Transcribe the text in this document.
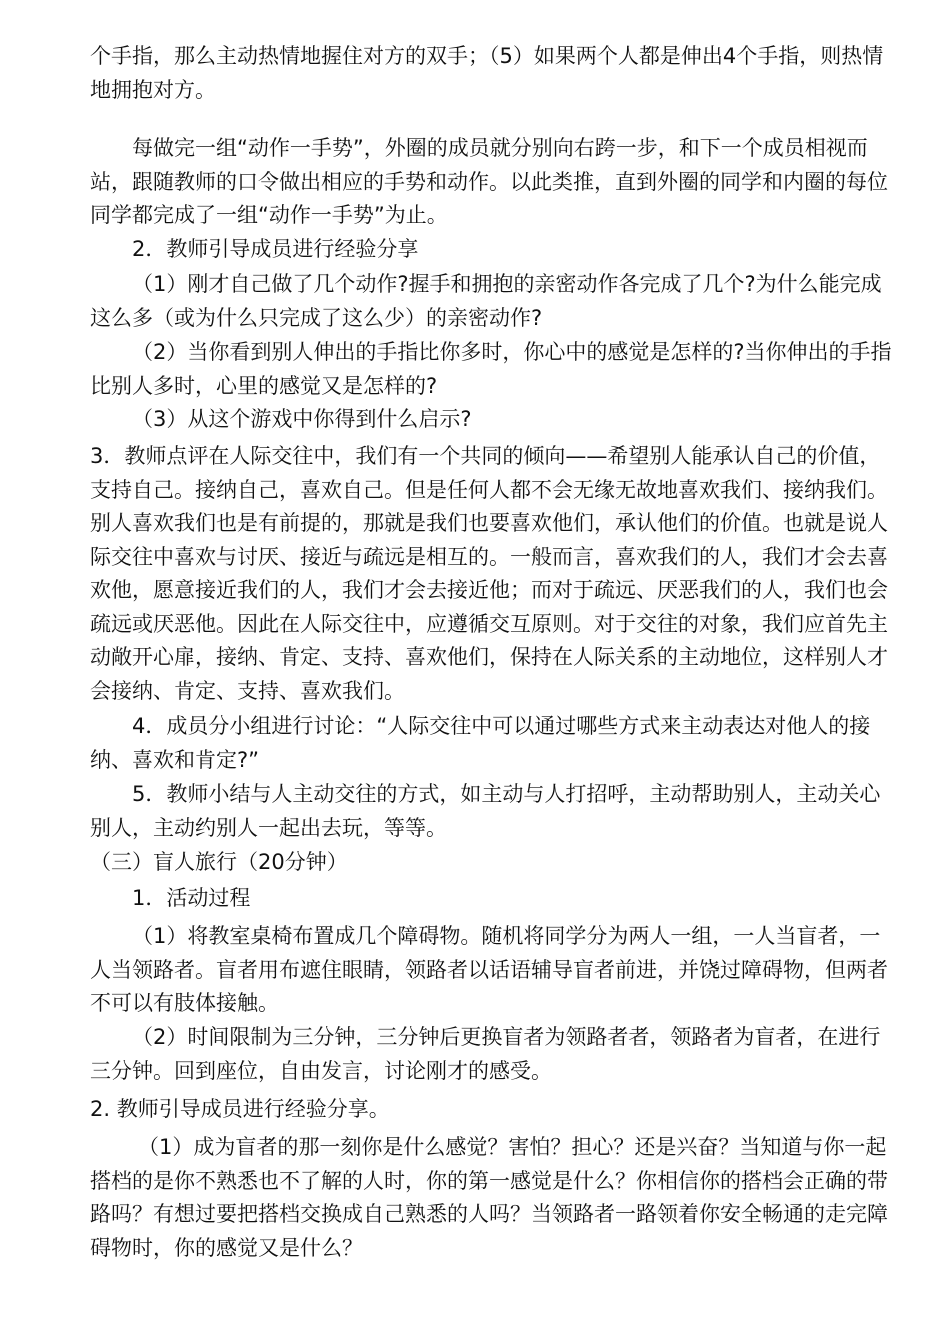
个手指，那么主动热情地握住对方的双手；（5）如果两个人都是伸出4个手指，则热情地拥抱对方。

每做完一组“动作一手势”，外圈的成员就分别向右跨一步，和下一个成员相视而站，跟随教师的口令做出相应的手势和动作。以此类推，直到外圈的同学和内圈的每位同学都完成了一组“动作一手势”为止。

2．教师引导成员进行经验分享

（1）刚才自己做了几个动作?握手和拥抱的亲密动作各完成了几个?为什么能完成这么多（或为什么只完成了这么少）的亲密动作?

（2）当你看到别人伸出的手指比你多时，你心中的感觉是怎样的?当你伸出的手指比别人多时，心里的感觉又是怎样的?

（3）从这个游戏中你得到什么启示?

3．教师点评在人际交往中，我们有一个共同的倾向——希望别人能承认自己的价值，支持自己。接纳自己，喜欢自己。但是任何人都不会无缘无故地喜欢我们、接纳我们。别人喜欢我们也是有前提的，那就是我们也要喜欢他们，承认他们的价值。也就是说人际交往中喜欢与讨厌、接近与疏远是相互的。一般而言，喜欢我们的人，我们才会去喜欢他，愿意接近我们的人，我们才会去接近他；而对于疏远、厌恶我们的人，我们也会疏远或厌恶他。因此在人际交往中，应遵循交互原则。对于交往的对象，我们应首先主动敞开心扉，接纳、肯定、支持、喜欢他们，保持在人际关系的主动地位，这样别人才会接纳、肯定、支持、喜欢我们。

4．成员分小组进行讨论：“人际交往中可以通过哪些方式来主动表达对他人的接纳、喜欢和肯定?”

5．教师小结与人主动交往的方式，如主动与人打招呼，主动帮助别人，主动关心别人，主动约别人一起出去玩，等等。

（三）盲人旅行（20分钟）

1．活动过程

（1）将教室桌椅布置成几个障碍物。随机将同学分为两人一组，一人当盲者，一人当领路者。盲者用布遮住眼睛，领路者以话语辅导盲者前进，并饶过障碍物，但两者不可以有肢体接触。

（2）时间限制为三分钟，三分钟后更换盲者为领路者者，领路者为盲者，在进行三分钟。回到座位，自由发言，讨论刚才的感受。

2. 教师引导成员进行经验分享。

（1）成为盲者的那一刻你是什么感觉？害怕？担心？还是兴奋？当知道与你一起搭档的是你不熟悉也不了解的人时，你的第一感觉是什么？你相信你的搭档会正确的带路吗？有想过要把搭档交换成自己熟悉的人吗？当领路者一路领着你安全畅通的走完障碍物时，你的感觉又是什么？
